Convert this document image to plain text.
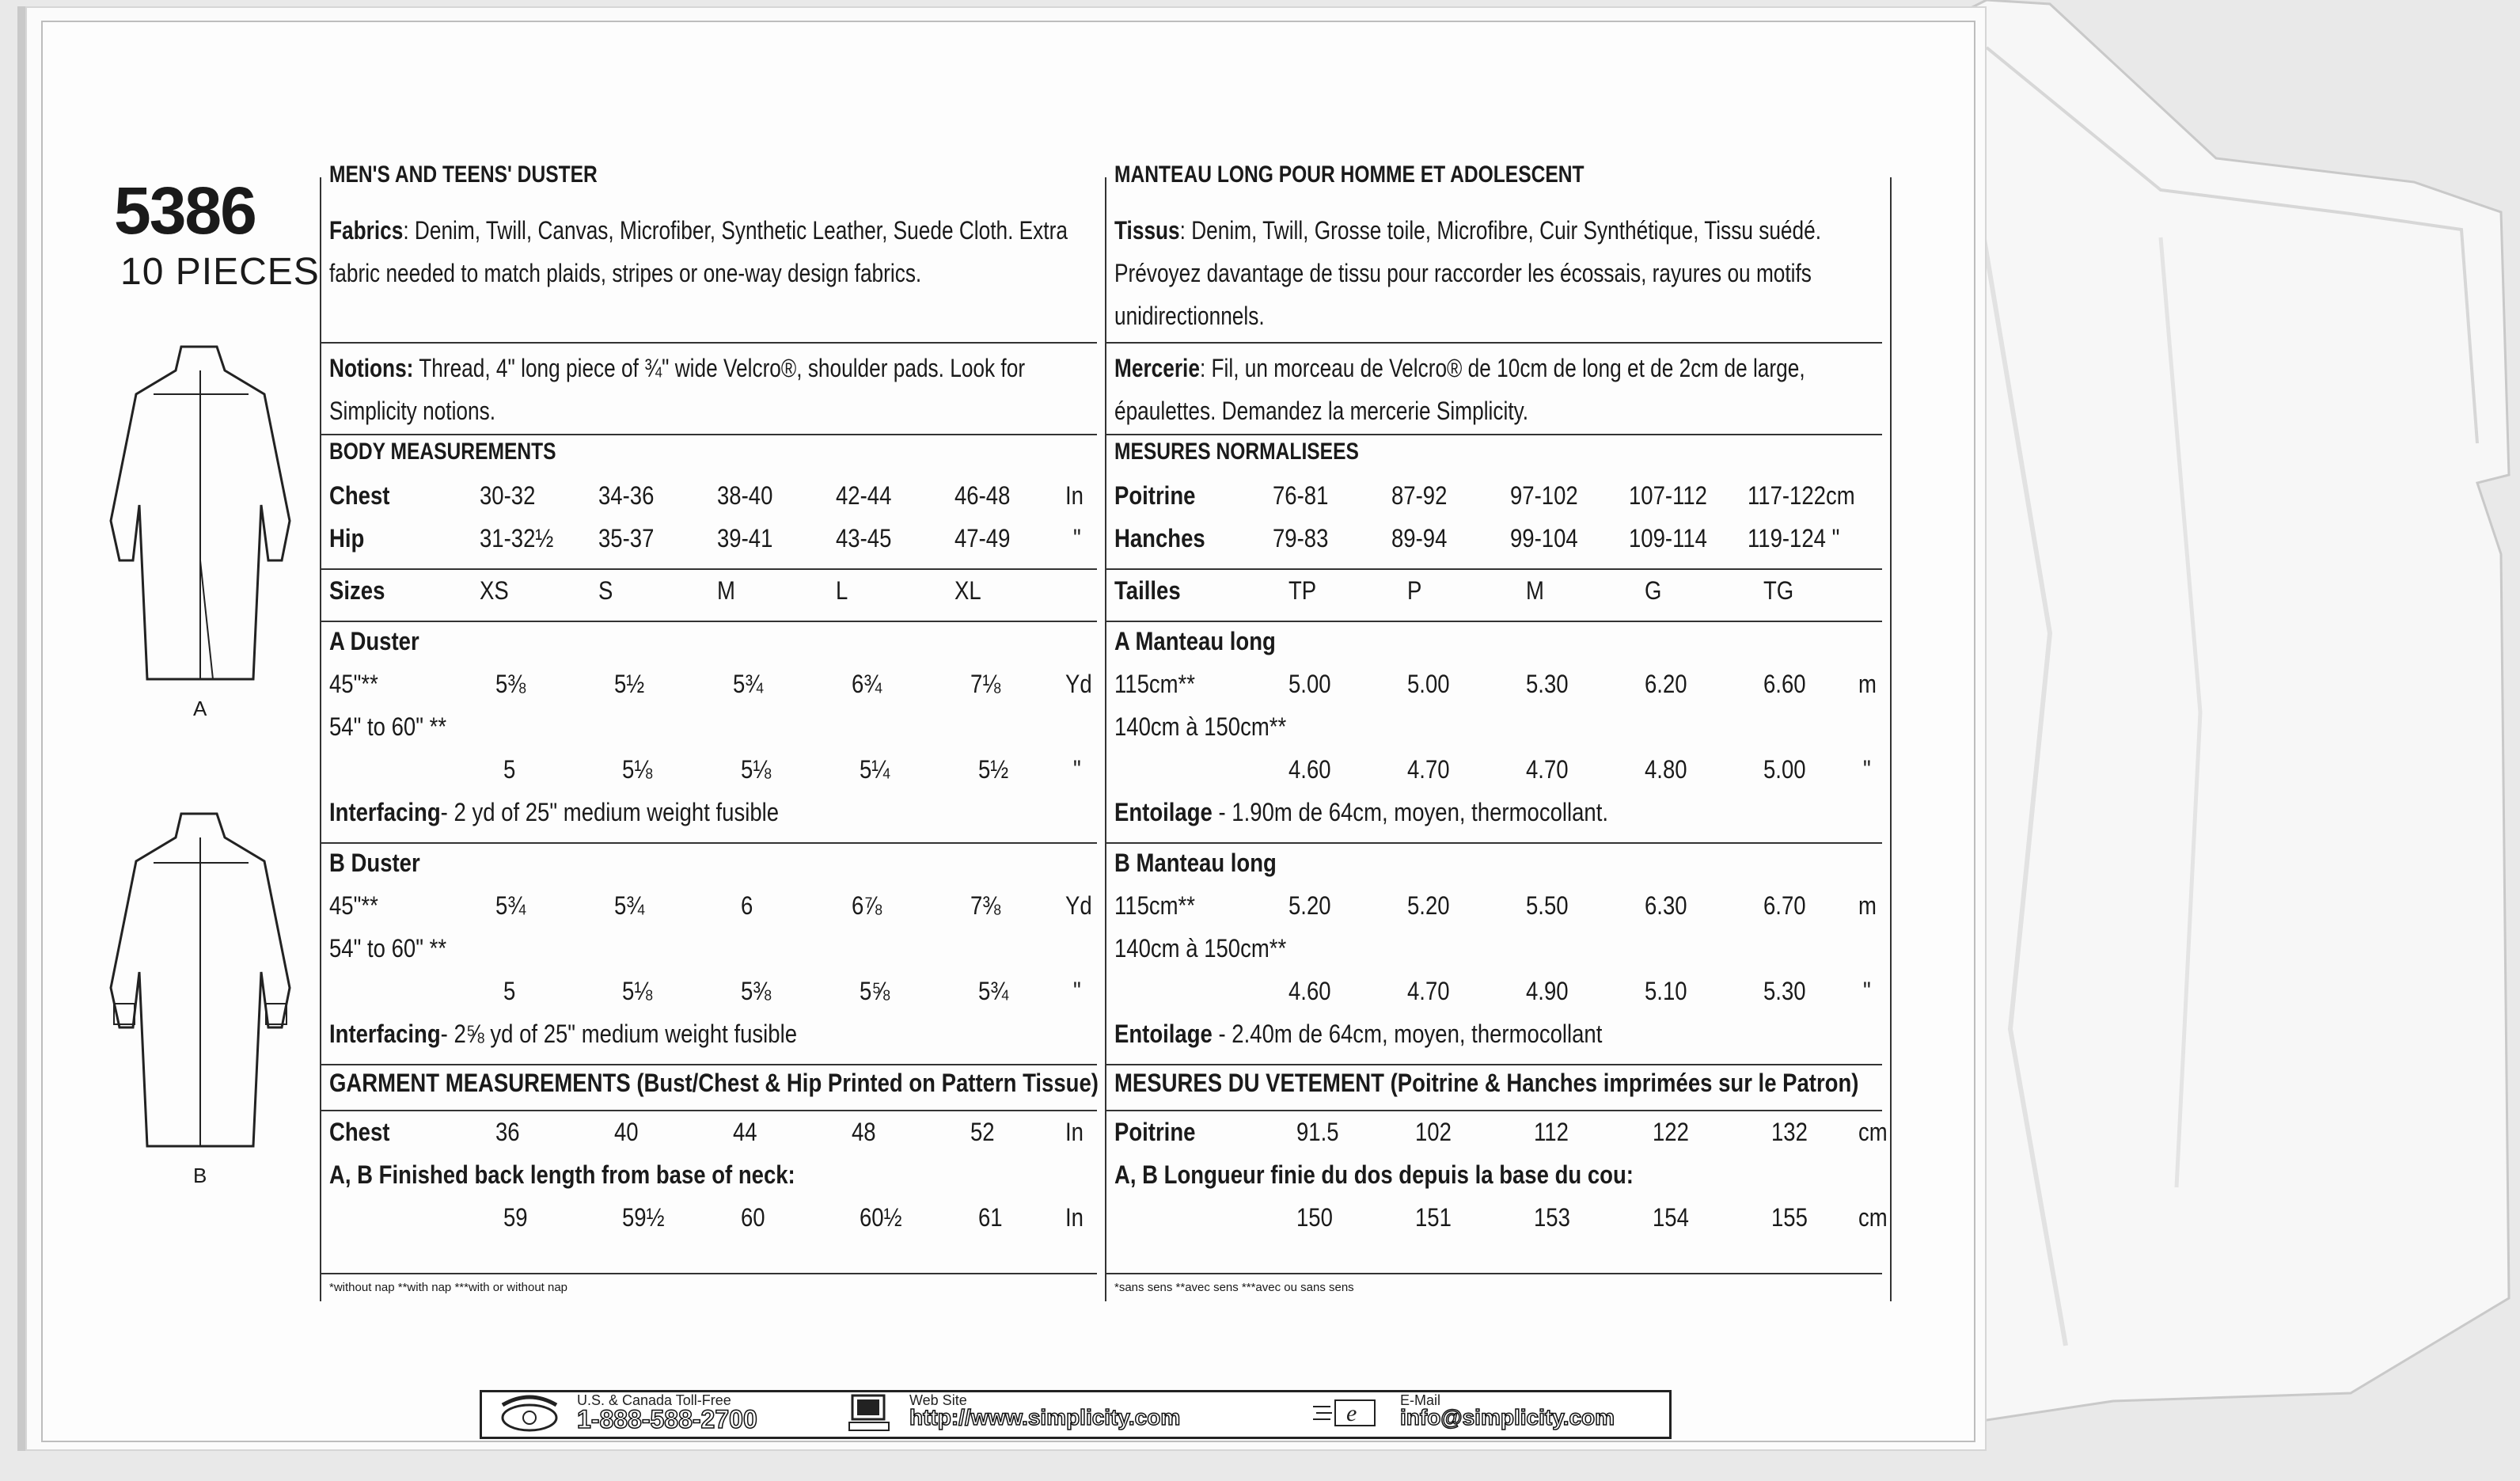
5386
10 PIECES
A
B
MEN'S AND TEENS' DUSTER
Fabrics: Denim, Twill, Canvas, Microfiber, Synthetic Leather, Suede Cloth. Extra fabric needed to match plaids, stripes or one-way design fabrics.
Notions: Thread, 4" long piece of ¾" wide Velcro®, shoulder pads. Look for Simplicity notions.
BODY MEASUREMENTS
Chest	30-32 34-36 38-40 42-44 46-48 In
Hip	31-32½ 35-37 39-41 43-45 47-49 "
Sizes	XS	S	M	L	XL
A Duster
45"**	5⅜	5½	5¾	6¾	7⅛	Yd
54" to 60" **
5	5⅛	5⅛	5¼	5½	"
Interfacing- 2 yd of 25" medium weight fusible
B Duster
45"**	5¾	5¾	6	6⅞	7⅜	Yd
54" to 60" **
5	5⅛	5⅜	5⅝	5¾	"
Interfacing- 2⅝ yd of 25" medium weight fusible
GARMENT MEASUREMENTS (Bust/Chest & Hip Printed on Pattern Tissue)
Chest	36	40	44	48	52	In
A, B Finished back length from base of neck:
59	59½	60	60½	61 In
*without nap **with nap ***with or without nap
MANTEAU LONG POUR HOMME ET ADOLESCENT
Tissus: Denim, Twill, Grosse toile, Microfibre, Cuir Synthétique, Tissu suédé. Prévoyez davantage de tissu pour raccorder les écossais, rayures ou motifs unidirectionnels.
Mercerie: Fil, un morceau de Velcro® de 10cm de long et de 2cm de large, épaulettes. Demandez la mercerie Simplicity.
MESURES NORMALISEES
Poitrine	76-81 87-92 97-102 107-112 117-122cm
Hanches	79-83 89-94 99-104 109-114 119-124 "
Tailles	TP	P	M	G	TG
A Manteau long
115cm**	5.00	5.00	5.30	6.20	6.60 m
140cm à 150cm**
4.60	4.70	4.70	4.80	5.00 "
Entoilage - 1.90m de 64cm, moyen, thermocollant.
B Manteau long
115cm**	5.20	5.20	5.50	6.30	6.70 m
140cm à 150cm**
4.60	4.70	4.90	5.10	5.30 "
Entoilage - 2.40m de 64cm, moyen, thermocollant
MESURES DU VETEMENT (Poitrine & Hanches imprimées sur le Patron)
Poitrine	91.5	102	112	122	132 cm
A, B Longueur finie du dos depuis la base du cou:
150	151	153	154	155 cm
*sans sens **avec sens ***avec ou sans sens
U.S. & Canada Toll-Free
1-888-588-2700
Web Site
http://www.simplicity.com	e	E-Mail
info@simplicity.com
